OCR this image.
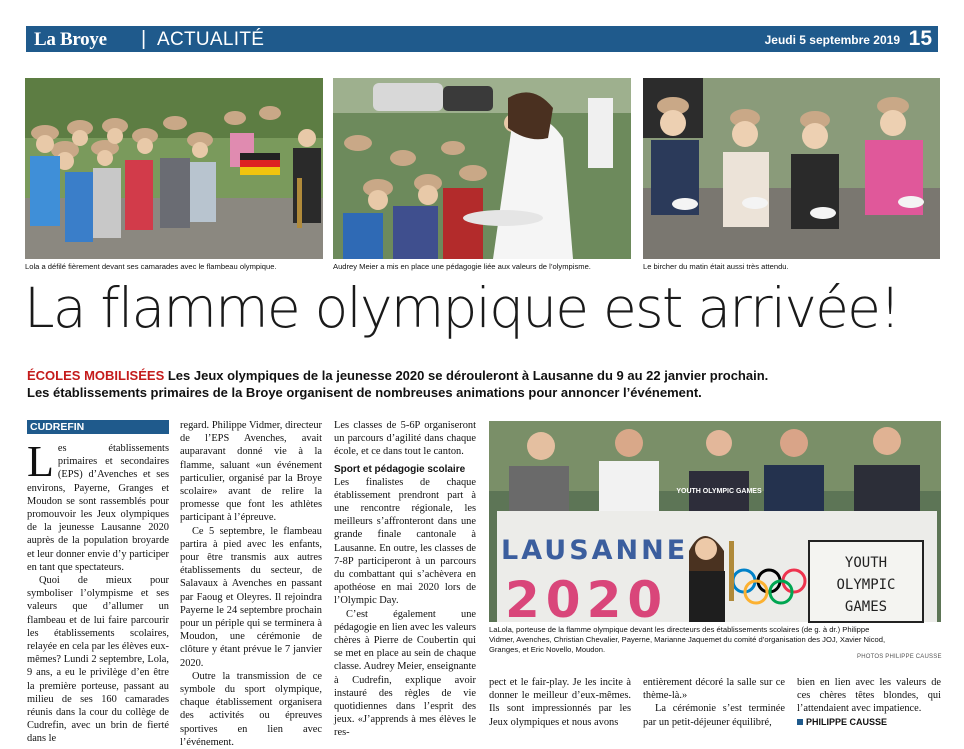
La Broye | ACTUALITÉ	Jeudi 5 septembre 2019 15
Lola a défilé fièrement devant ses camarades avec le flambeau olympique.	Audrey Meier a mis en place une pédagogie liée aux valeurs de l’olympisme.	Le bircher du matin était aussi très attendu.
La flamme olympique est arrivée!
ÉCOLES MOBILISÉES Les Jeux olympiques de la jeunesse 2020 se dérouleront à Lausanne du 9 au 22 janvier prochain.
Les établissements primaires de la Broye organisent de nombreuses animations pour annoncer l’événement.
CUDREFIN

Les établissements primaires et secondaires (EPS) d’Avenches et ses environs, Payerne, Granges et Moudon se sont rassemblés pour promouvoir les Jeux olympiques de la jeunesse Lausanne 2020 auprès de la population broyarde et leur donner envie d’y participer en tant que spectateurs.

Quoi de mieux pour symboliser l’olympisme et ses valeurs que d’allumer un flambeau et de lui faire parcourir les établissements scolaires, relayée en cela par les élèves eux-mêmes? Lundi 2 septembre, Lola, 9 ans, a eu le privilège d’en être la première porteuse, passant au milieu de ses 160 camarades réunis dans la cour du collège de Cudrefin, avec un brin de fierté dans le

regard. Philippe Vidmer, directeur de l’EPS Avenches, avait auparavant donné vie à la flamme, saluant «un événement particulier, organisé par la Broye scolaire» avant de relire la promesse que font les athlètes participant à l’épreuve.

Ce 5 septembre, le flambeau partira à pied avec les enfants, pour être transmis aux autres établissements du secteur, de Salavaux à Avenches en passant par Faoug et Oleyres. Il rejoindra Payerne le 24 septembre prochain pour un périple qui se terminera à Moudon, une cérémonie de clôture y étant prévue le 7 janvier 2020.

Outre la transmission de ce symbole du sport olympique, chaque établissement organisera des activités ou épreuves sportives en lien avec l’événement.

Les classes de 5-6P organiseront un parcours d’agilité dans chaque école, et ce dans tout le canton.

Sport et pédagogie scolaire

Les finalistes de chaque établissement prendront part à une rencontre régionale, les meilleurs s’affronteront dans une grande finale cantonale à Lausanne. En outre, les classes de 7-8P participeront à un parcours du combattant qui s’achèvera en apothéose en mai 2020 lors de l’Olympic Day.

C’est également une pédagogie en lien avec les valeurs chères à Pierre de Coubertin qui se met en place au sein de chaque classe. Audrey Meier, enseignante à Cudrefin, explique avoir instauré des règles de vie quotidiennes dans l’esprit des jeux. «J’apprends à mes élèves le res-

YOUTH OLYMPIC GAMES
LAUSANNE
2020
YOUTH
OLYMPIC
GAMES
LaLola, porteuse de la flamme olympique devant les directeurs des établissements scolaires (de g. à dr.) Philippe
Vidmer, Avenches, Christian Chevalier, Payerne, Marianne Jaquemet du comité d’organisation des JOJ, Xavier Nicod,
Granges, et Eric Novello, Moudon.
PHOTOS PHILIPPE CAUSSE

pect et le fair-play. Je les incite à donner le meilleur d’eux-mêmes. Ils sont impressionnés par les Jeux olympiques et nous avons

entièrement décoré la salle sur ce thème-là.»

La cérémonie s’est terminée par un petit-déjeuner équilibré,

bien en lien avec les valeurs de ces chères têtes blondes, qui l’attendaient avec impatience.

PHILIPPE CAUSSE
